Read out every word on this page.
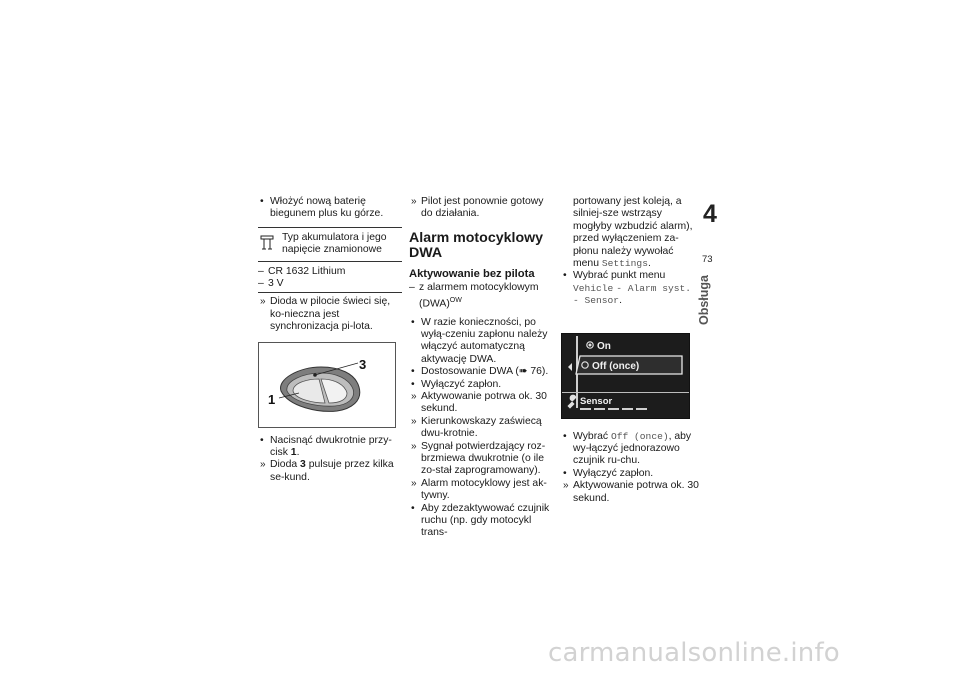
• Włożyć nową baterię biegunem plus ku górze.
Typ akumulatora i jego napięcie znamionowe
– CR 1632 Lithium
– 3 V
» Dioda w pilocie świeci się, ko-niecznа jest synchronizacja pi-lota.
3
1
• Nacisnąć dwukrotnie przy-cisk 1.
» Dioda 3 pulsuje przez kilka se-kund.
» Pilot jest ponownie gotowy do działania.
Alarm motocyklowy DWA
Aktywowanie bez pilota
– z alarmem motocyklowym (DWA)$^{OW}$
• W razie konieczności, po wyłą-czeniu zapłonu należy włączyć automatyczną aktywację DWA.
• Dostosowanie DWA (➠ 76).
• Wyłączyć zapłon.
» Aktywowanie potrwa ok. 30 sekund.
» Kierunkowskazy zaświecą dwu-krotnie.
» Sygnał potwierdzający roz-brzmiewa dwukrotnie (o ile zo-stał zaprogramowany).
» Alarm motocyklowy jest ak-tywny.
• Aby zdezaktywować czujnik ruchu (np. gdy motocykl trans-
portowany jest koleją, a silniej-sze wstrząsy mogłyby wzbudzić alarm), przed wyłączeniem za-płonu należy wywołać menu Settings.
• Wybrać punkt menu Vehicle - Alarm syst. - Sensor.
On
Off (once)
Sensor
• Wybrać Off (once), aby wy-łączyć jednorazowo czujnik ru-chu.
• Wyłączyć zapłon.
» Aktywowanie potrwa ok. 30 sekund.
4
73
Obsługa
carmanualsonline.info
